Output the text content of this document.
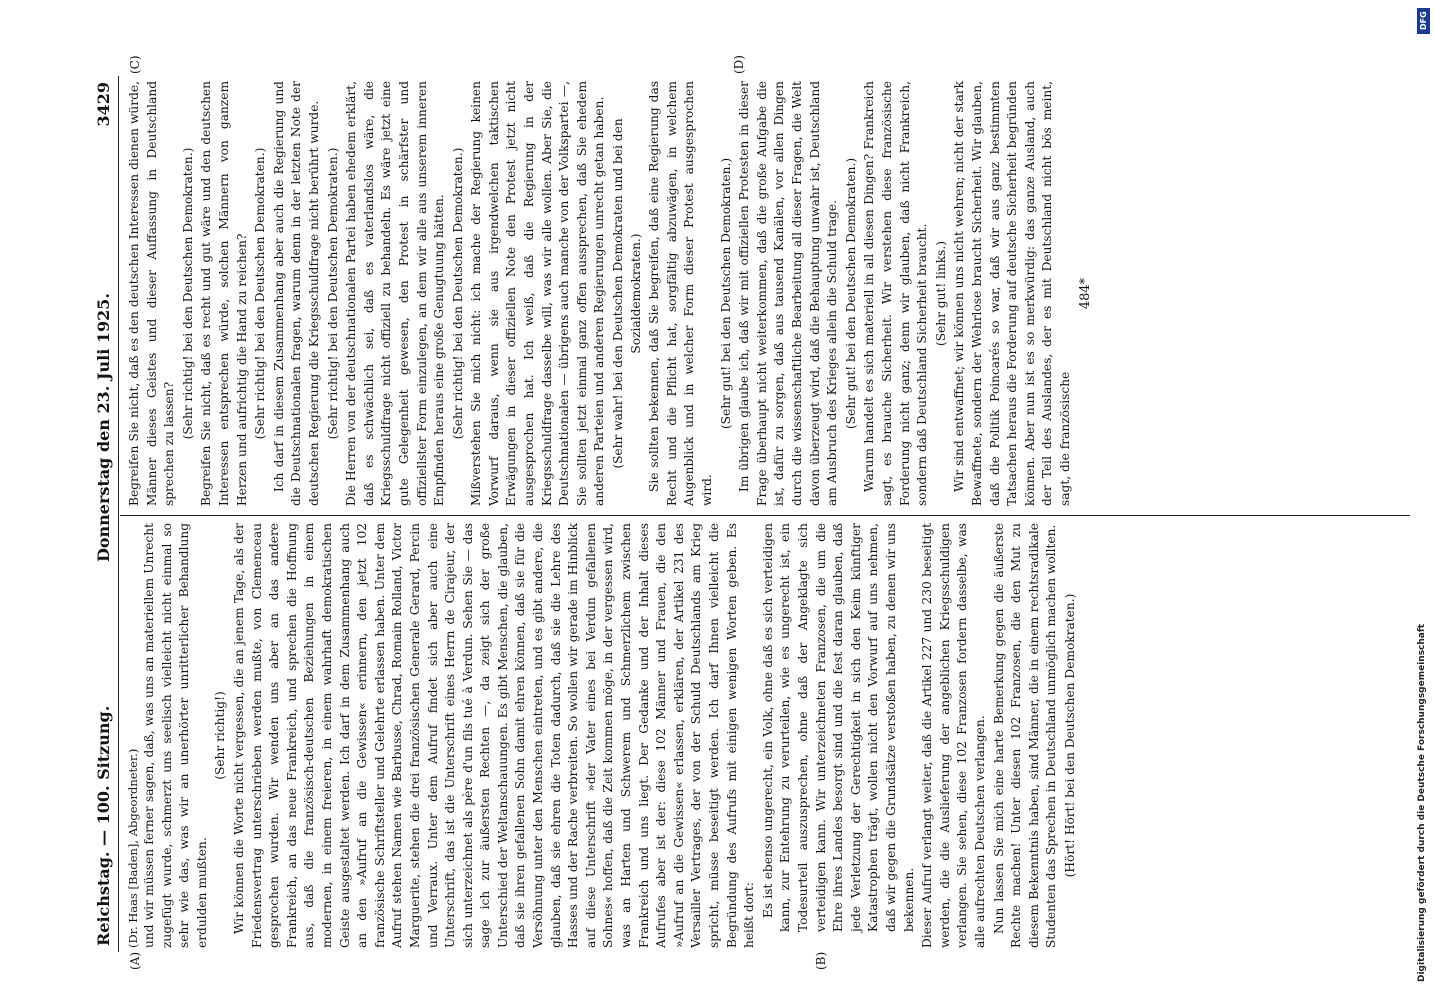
Reichstag. — 100. Sitzung.
Donnerstag den 23. Juli 1925.
3429
(Dr. Haas [Baden], Abgeordneter.) und wir müssen ferner sagen, daß, was uns an materiellem Unrecht zugefügt wurde, schmerzt uns seelisch vielleicht nicht einmal so sehr wie das, was wir an unerhörter unritterlicher Behandlung erdulden mußten.
(Sehr richtig!) Wir können die Worte nicht vergessen, die an jenem Tage, als der Friedensvertrag unterschrieben werden mußte, von Clemenceau gesprochen wurden. Wir wenden uns aber an das andere Frankreich, an das neue Frankreich, und sprechen die Hoffnung aus, daß die französisch-deutschen Beziehungen in einem modernen, in einem freieren, in einem wahrhaft demokratischen Geiste ausgestaltet werden. Ich darf in dem Zusammenhang auch an den »Aufruf an die Gewissen« erinnern, den jetzt 102 französische Schriftsteller und Gelehrte erlassen haben. Unter dem Aufruf stehen Namen wie Barbusse, Chrad, Romain Rolland, Victor Marguerite, stehen die drei französischen Generale Gerard, Percin und Verraux. Unter dem Aufruf findet sich aber auch eine Unterschrift, das ist die Unterschrift eines Herrn de Cirajeur, der sich unterzeichnet als père d'un fils tué à Verdun. Sehen Sie — das sage ich zur äußersten Rechten —, da zeigt sich der große Unterschied der Weltanschauungen. Es gibt Menschen, die glauben, daß sie ihren gefallenen Sohn damit ehren können, daß sie für die Versöhnung unter den Menschen eintreten, und es gibt andere, die glauben, daß sie ehren die Toten dadurch, daß sie die Lehre des Hasses und der Rache verbreiten. So wollen wir gerade im Hinblick auf diese Unterschrift »der Vater eines bei Verdun gefallenen Sohnes« hoffen, daß die Zeit kommen möge, in der vergessen wird, was an Harten und Schwerem und Schmerzlichem zwischen Frankreich und uns liegt. Der Gedanke und der Inhalt dieses Aufrufes aber ist der: diese 102 Männer und Frauen, die den »Aufruf an die Gewissen« erlassen, erklären, der Artikel 231 des Versailler Vertrages, der von der Schuld Deutschlands am Krieg spricht, müsse beseitigt werden. Ich darf Ihnen vielleicht die Begründung des Aufrufs mit einigen wenigen Worten geben. Es heißt dort: Es ist ebenso ungerecht, ein Volk, ohne daß es sich verteidigen kann, zur Entehrung zu verurteilen, wie es ungerecht ist, ein Todesurteil auszusprechen, ohne daß der Angeklagte sich verteidigen kann. Wir unterzeichneten Franzosen, die um die Ehre ihres Landes besorgt sind und die fest daran glauben, daß jede Verletzung der Gerechtigkeit in sich den Keim künftiger Katastrophen trägt, wollen nicht den Vorwurf auf uns nehmen, daß wir gegen die Grundsätze verstoßen haben, zu denen wir uns bekennen. Dieser Aufruf verlangt weiter, daß die Artikel 227 und 230 beseitigt werden, die die Auslieferung der angeblichen Kriegsschuldigen verlangen. Sie sehen, diese 102 Franzosen fordern dasselbe, was alle aufrechten Deutschen verlangen. Nun lassen Sie mich eine harte Bemerkung gegen die äußerste Rechte machen! Unter diesen 102 Franzosen, die den Mut zu diesem Bekenntnis haben, sind Männer, die in einem rechtsradikale Studenten das Sprechen in Deutschland unmöglich machen wollten. (Hört! Hört! bei den Deutschen Demokraten.)
Begreifen Sie nicht, daß es den deutschen Interessen dienen würde, Männer dieses Geistes und dieser Auffassung in Deutschland sprechen zu lassen?
(Sehr richtig! bei den Deutschen Demokraten.) Begreifen Sie nicht, daß es recht und gut wäre und den deutschen Interessen entsprechen würde, solchen Männern von ganzem Herzen und aufrichtig die Hand zu reichen? (Sehr richtig! bei den Deutschen Demokraten.) Ich darf in diesem Zusammenhang aber auch die Regierung und die Deutschnationalen fragen, warum denn in der letzten Note der deutschen Regierung die Kriegsschuldfrage nicht berührt wurde. (Sehr richtig! bei den Deutschen Demokraten.) Die Herren von der deutschnationalen Partei haben ehedem erklärt, daß es schwächlich sei, daß es vaterlandslos wäre, die Kriegsschuldfrage nicht offiziell zu behandeln. Es wäre jetzt eine gute Gelegenheit gewesen, den Protest in schärfster und offiziellster Form einzulegen, an dem wir alle aus unserem inneren Empfinden heraus eine große Genugtuung hätten. (Sehr richtig! bei den Deutschen Demokraten.) Mißverstehen Sie mich nicht: ich mache der Regierung keinen Vorwurf daraus, wenn sie aus irgendwelchen taktischen Erwägungen in dieser offiziellen Note den Protest jetzt nicht ausgesprochen hat. Ich weiß, daß die Regierung in der Kriegsschuldfrage dasselbe will, was wir alle wollen. Aber Sie, die Deutschnationalen — übrigens auch manche von der Volkspartei —, Sie sollten jetzt einmal ganz offen aussprechen, daß Sie ehedem anderen Parteien und anderen Regierungen unrecht getan haben. (Sehr wahr! bei den Deutschen Demokraten und bei den Sozialdemokraten.) Sie sollten bekennen, daß Sie begreifen, daß eine Regierung das Recht und die Pflicht hat, sorgfältig abzuwägen, in welchem Augenblick und in welcher Form dieser Protest ausgesprochen wird.
(Sehr gut! bei den Deutschen Demokraten.) Im übrigen glaube ich, daß wir mit offiziellen Protesten in dieser Frage überhaupt nicht weiterkommen, daß die große Aufgabe die ist, dafür zu sorgen, daß aus tausend Kanälen, vor allen Dingen durch die wissenschaftliche Bearbeitung all dieser Fragen, die Welt davon überzeugt wird, daß die Behauptung unwahr ist, Deutschland am Ausbruch des Krieges allein die Schuld trage. (Sehr gut! bei den Deutschen Demokraten.) Warum handelt es sich materiell in all diesen Dingen? Frankreich sagt, es brauche Sicherheit. Wir verstehen diese französische Forderung nicht ganz; denn wir glauben, daß nicht Frankreich, sondern daß Deutschland Sicherheit braucht. (Sehr gut! links.) Wir sind entwaffnet; wir können uns nicht wehren; nicht der stark Bewaffnete, sondern der Wehrlose braucht Sicherheit. Wir glauben, daß die Politik Poincarés so war, daß wir aus ganz bestimmten Tatsachen heraus die Forderung auf deutsche Sicherheit begründen können. Aber nun ist es so merkwürdig: das ganze Ausland, auch der Teil des Auslandes, der es mit Deutschland nicht bös meint, sagt, die französische
484*
(A)	(B)
(C)	(D)
DFG
Digitalisierung gefördert durch die Deutsche Forschungsgemeinschaft
